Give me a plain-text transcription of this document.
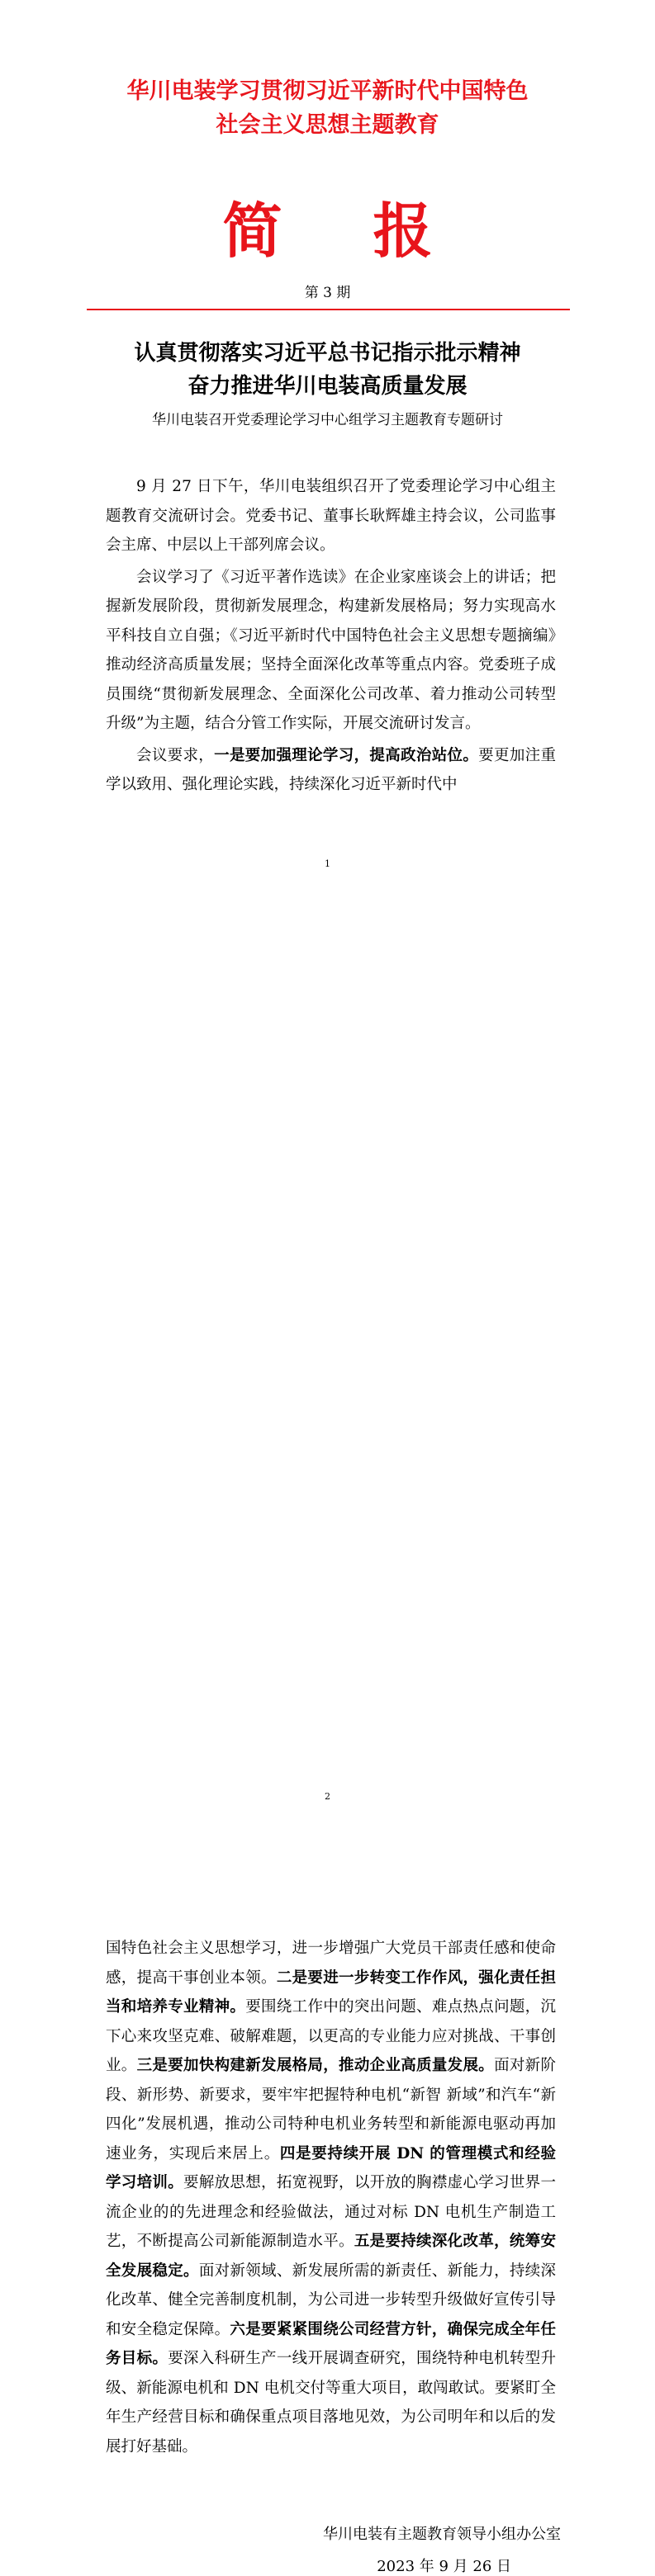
华川电装学习贯彻习近平新时代中国特色
社会主义思想主题教育
简报
第 3 期
认真贯彻落实习近平总书记指示批示精神
奋力推进华川电装高质量发展
华川电装召开党委理论学习中心组学习主题教育专题研讨

9 月 27 日下午，华川电装组织召开了党委理论学习中心组主题教育交流研讨会。党委书记、董事长耿辉雄主持会议，公司监事会主席、中层以上干部列席会议。

会议学习了《习近平著作选读》在企业家座谈会上的讲话；把握新发展阶段，贯彻新发展理念，构建新发展格局；努力实现高水平科技自立自强；《习近平新时代中国特色社会主义思想专题摘编》推动经济高质量发展；坚持全面深化改革等重点内容。党委班子成员围绕“贯彻新发展理念、全面深化公司改革、着力推动公司转型升级”为主题，结合分管工作实际，开展交流研讨发言。

会议要求，一是要加强理论学习，提高政治站位。要更加注重学以致用、强化理论实践，持续深化习近平新时代中

1

国特色社会主义思想学习，进一步增强广大党员干部责任感和使命感，提高干事创业本领。二是要进一步转变工作作风，强化责任担当和培养专业精神。要围绕工作中的突出问题、难点热点问题，沉下心来攻坚克难、破解难题，以更高的专业能力应对挑战、干事创业。三是要加快构建新发展格局，推动企业高质量发展。面对新阶段、新形势、新要求，要牢牢把握特种电机“新智 新域”和汽车“新四化”发展机遇，推动公司特种电机业务转型和新能源电驱动再加速业务，实现后来居上。四是要持续开展 DN 的管理模式和经验学习培训。要解放思想，拓宽视野，以开放的胸襟虚心学习世界一流企业的的先进理念和经验做法，通过对标 DN 电机生产制造工艺，不断提高公司新能源制造水平。五是要持续深化改革，统筹安全发展稳定。面对新领域、新发展所需的新责任、新能力，持续深化改革、健全完善制度机制，为公司进一步转型升级做好宣传引导和安全稳定保障。六是要紧紧围绕公司经营方针，确保完成全年任务目标。要深入科研生产一线开展调查研究，围绕特种电机转型升级、新能源电机和 DN 电机交付等重大项目，敢闯敢试。要紧盯全年生产经营目标和确保重点项目落地见效，为公司明年和以后的发展打好基础。

华川电装有主题教育领导小组办公室
2023 年 9 月 26 日
2
